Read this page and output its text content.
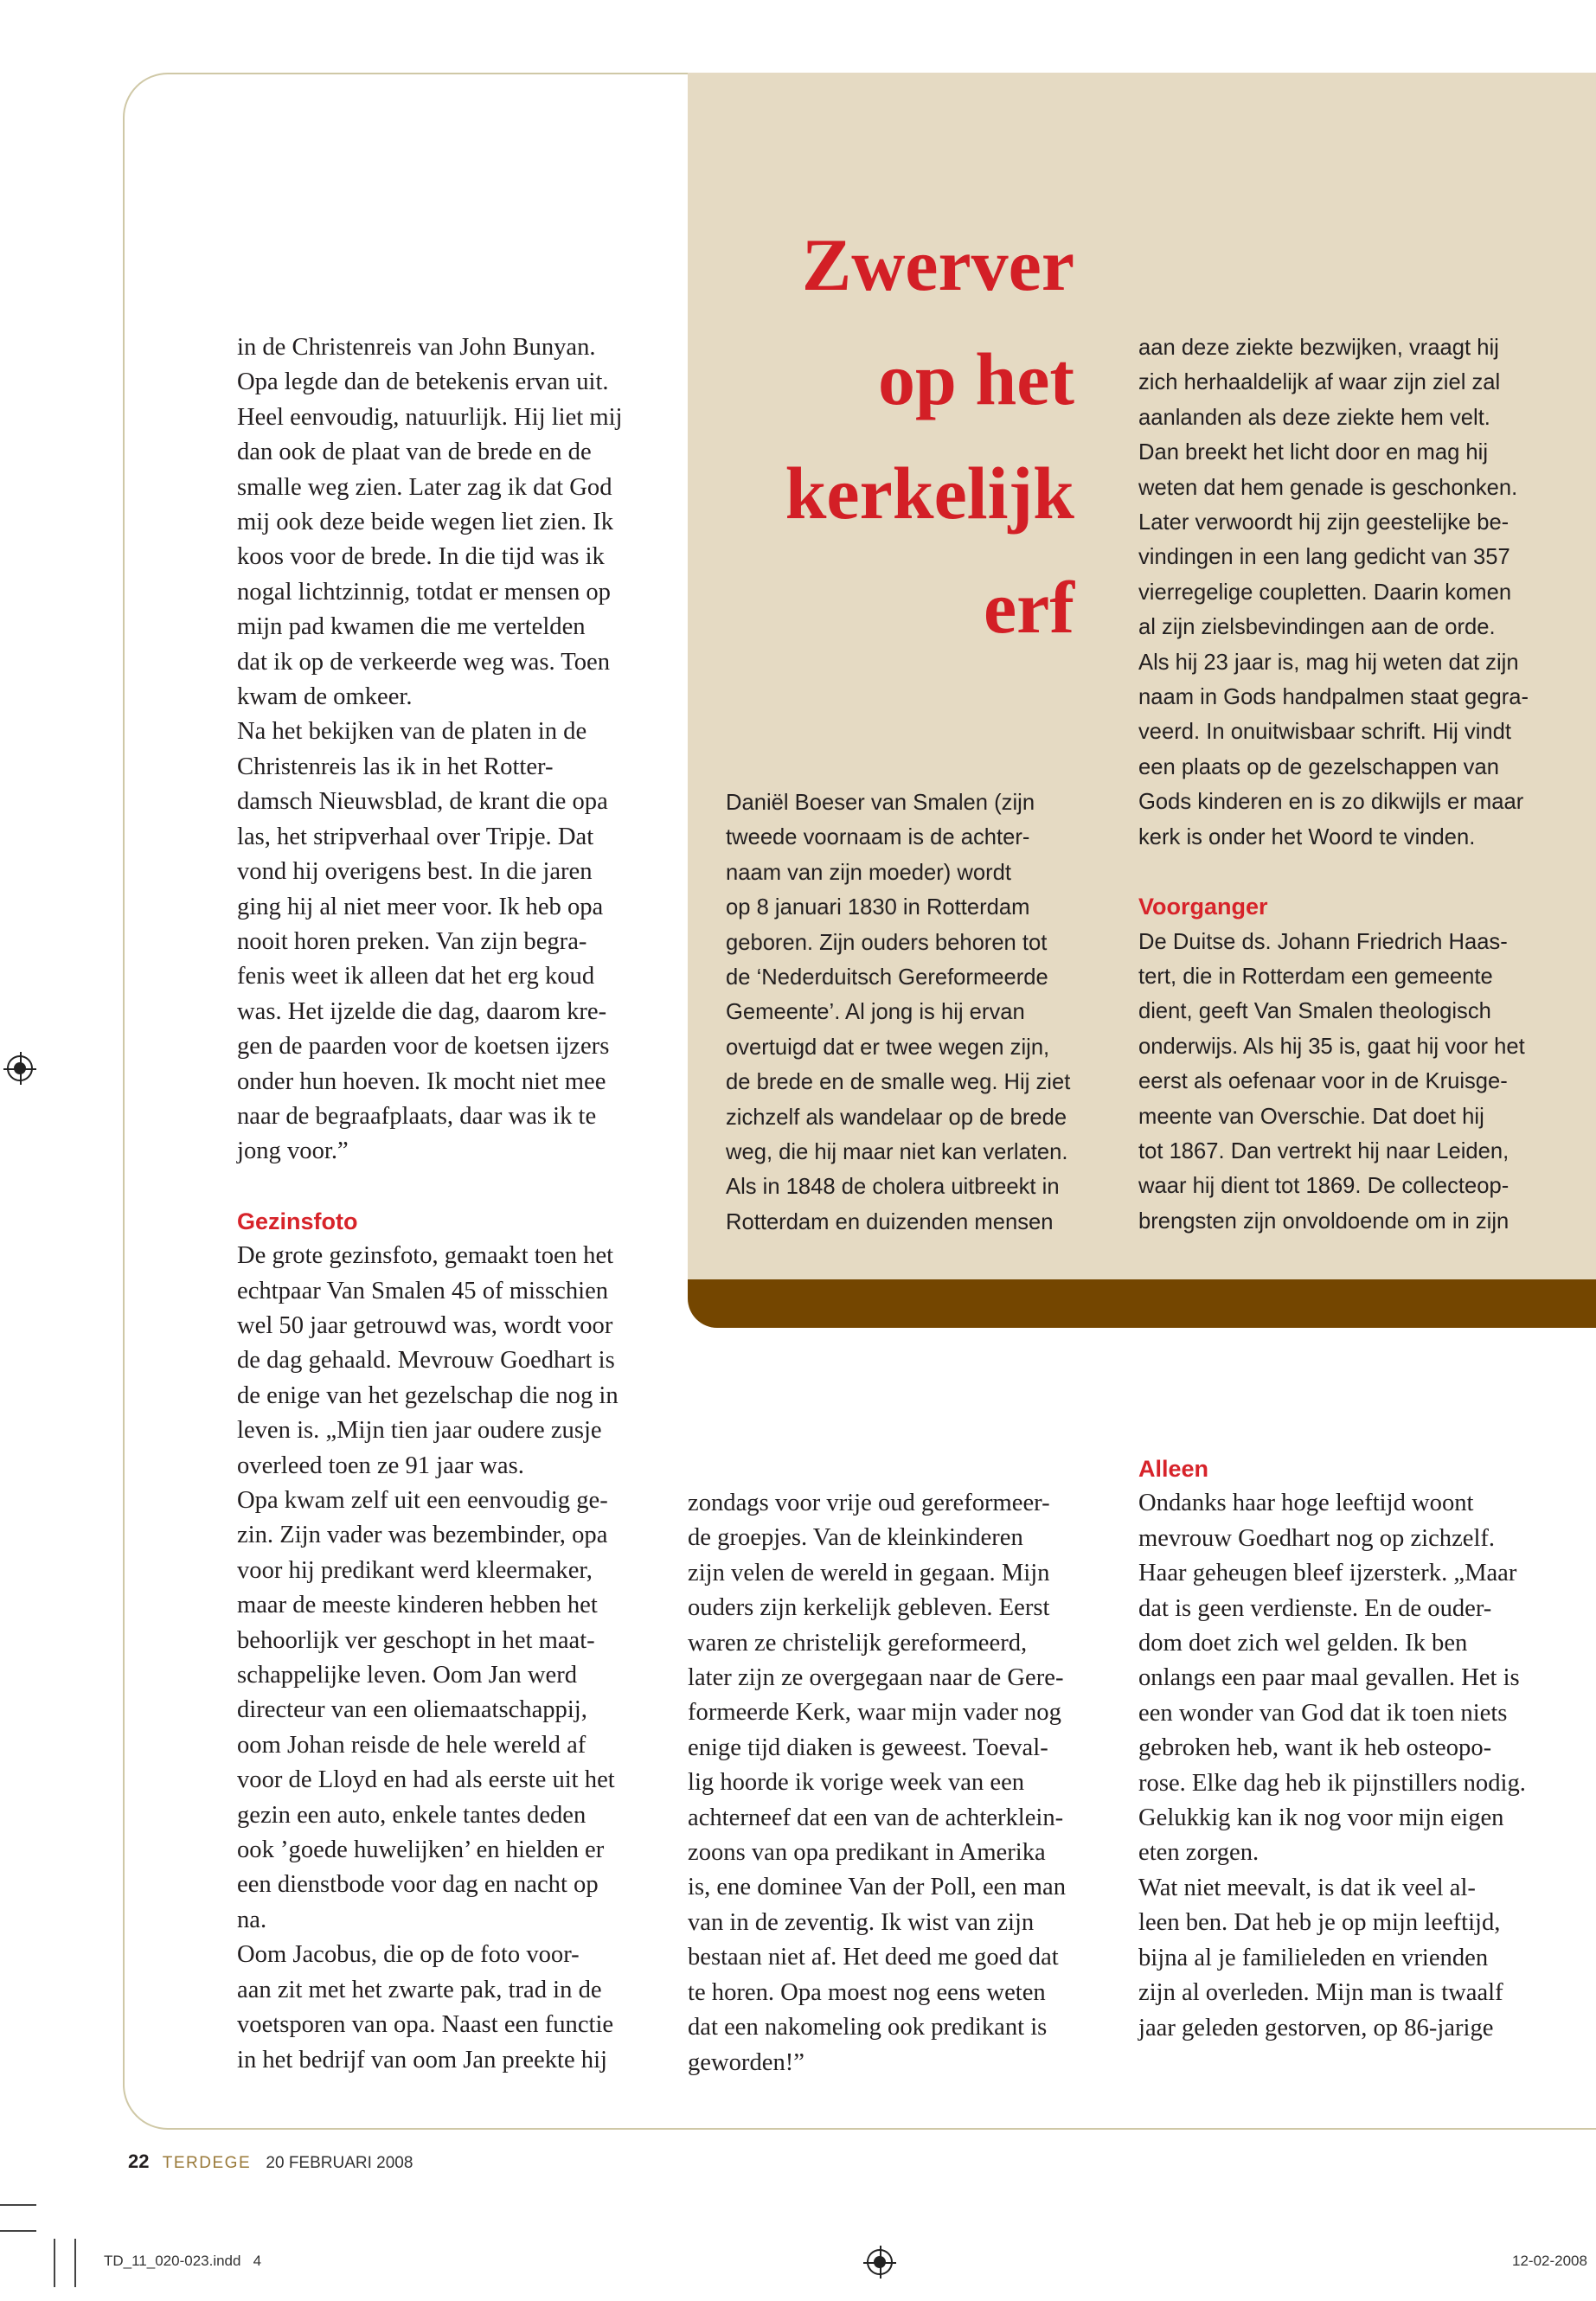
Zwerver
op het
kerkelijk
erf

in de Christenreis van John Bunyan.
Opa legde dan de betekenis ervan uit.
Heel eenvoudig, natuurlijk. Hij liet mij
dan ook de plaat van de brede en de
smalle weg zien. Later zag ik dat God
mij ook deze beide wegen liet zien. Ik
koos voor de brede. In die tijd was ik
nogal lichtzinnig, totdat er mensen op
mijn pad kwamen die me vertelden
dat ik op de verkeerde weg was. Toen
kwam de omkeer.
Na het bekijken van de platen in de
Christenreis las ik in het Rotter-
damsch Nieuwsblad, de krant die opa
las, het stripverhaal over Tripje. Dat
vond hij overigens best. In die jaren
ging hij al niet meer voor. Ik heb opa
nooit horen preken. Van zijn begra-
fenis weet ik alleen dat het erg koud
was. Het ijzelde die dag, daarom kre-
gen de paarden voor de koetsen ijzers
onder hun hoeven. Ik mocht niet mee
naar de begraafplaats, daar was ik te
jong voor.”

Gezinsfoto

De grote gezinsfoto, gemaakt toen het
echtpaar Van Smalen 45 of misschien
wel 50 jaar getrouwd was, wordt voor
de dag gehaald. Mevrouw Goedhart is
de enige van het gezelschap die nog in
leven is. „Mijn tien jaar oudere zusje
overleed toen ze 91 jaar was.
Opa kwam zelf uit een eenvoudig ge-
zin. Zijn vader was bezembinder, opa
voor hij predikant werd kleermaker,
maar de meeste kinderen hebben het
behoorlijk ver geschopt in het maat-
schappelijke leven. Oom Jan werd
directeur van een oliemaatschappij,
oom Johan reisde de hele wereld af
voor de Lloyd en had als eerste uit het
gezin een auto, enkele tantes deden
ook ’goede huwelijken’ en hielden er
een dienstbode voor dag en nacht op
na.
Oom Jacobus, die op de foto voor-
aan zit met het zwarte pak, trad in de
voetsporen van opa. Naast een functie
in het bedrijf van oom Jan preekte hij

Daniël Boeser van Smalen (zijn
tweede voornaam is de achter-
naam van zijn moeder) wordt
op 8 januari 1830 in Rotterdam
geboren. Zijn ouders behoren tot
de ‘Nederduitsch Gereformeerde
Gemeente’. Al jong is hij ervan
overtuigd dat er twee wegen zijn,
de brede en de smalle weg. Hij ziet
zichzelf als wandelaar op de brede
weg, die hij maar niet kan verlaten.
Als in 1848 de cholera uitbreekt in
Rotterdam en duizenden mensen

aan deze ziekte bezwijken, vraagt hij
zich herhaaldelijk af waar zijn ziel zal
aanlanden als deze ziekte hem velt.
Dan breekt het licht door en mag hij
weten dat hem genade is geschonken.
Later verwoordt hij zijn geestelijke be-
vindingen in een lang gedicht van 357
vierregelige coupletten. Daarin komen
al zijn zielsbevindingen aan de orde.
Als hij 23 jaar is, mag hij weten dat zijn
naam in Gods handpalmen staat gegra-
veerd. In onuitwisbaar schrift. Hij vindt
een plaats op de gezelschappen van
Gods kinderen en is zo dikwijls er maar
kerk is onder het Woord te vinden.

Voorganger

De Duitse ds. Johann Friedrich Haas-
tert, die in Rotterdam een gemeente
dient, geeft Van Smalen theologisch
onderwijs. Als hij 35 is, gaat hij voor het
eerst als oefenaar voor in de Kruisge-
meente van Overschie. Dat doet hij
tot 1867. Dan vertrekt hij naar Leiden,
waar hij dient tot 1869. De collecteop-
brengsten zijn onvoldoende om in zijn

zondags voor vrije oud gereformeer-
de groepjes. Van de kleinkinderen
zijn velen de wereld in gegaan. Mijn
ouders zijn kerkelijk gebleven. Eerst
waren ze christelijk gereformeerd,
later zijn ze overgegaan naar de Gere-
formeerde Kerk, waar mijn vader nog
enige tijd diaken is geweest. Toeval-
lig hoorde ik vorige week van een
achterneef dat een van de achterklein-
zoons van opa predikant in Amerika
is, ene dominee Van der Poll, een man
van in de zeventig. Ik wist van zijn
bestaan niet af. Het deed me goed dat
te horen. Opa moest nog eens weten
dat een nakomeling ook predikant is
geworden!”

Alleen

Ondanks haar hoge leeftijd woont
mevrouw Goedhart nog op zichzelf.
Haar geheugen bleef ijzersterk. „Maar
dat is geen verdienste. En de ouder-
dom doet zich wel gelden. Ik ben
onlangs een paar maal gevallen. Het is
een wonder van God dat ik toen niets
gebroken heb, want ik heb osteopo-
rose. Elke dag heb ik pijnstillers nodig.
Gelukkig kan ik nog voor mijn eigen
eten zorgen.
Wat niet meevalt, is dat ik veel al-
leen ben. Dat heb je op mijn leeftijd,
bijna al je familieleden en vrienden
zijn al overleden. Mijn man is twaalf
jaar geleden gestorven, op 86-jarige

22 TERDEGE 20 FEBRUARI 2008
TD_11_020-023.indd 4	12-02-2008
